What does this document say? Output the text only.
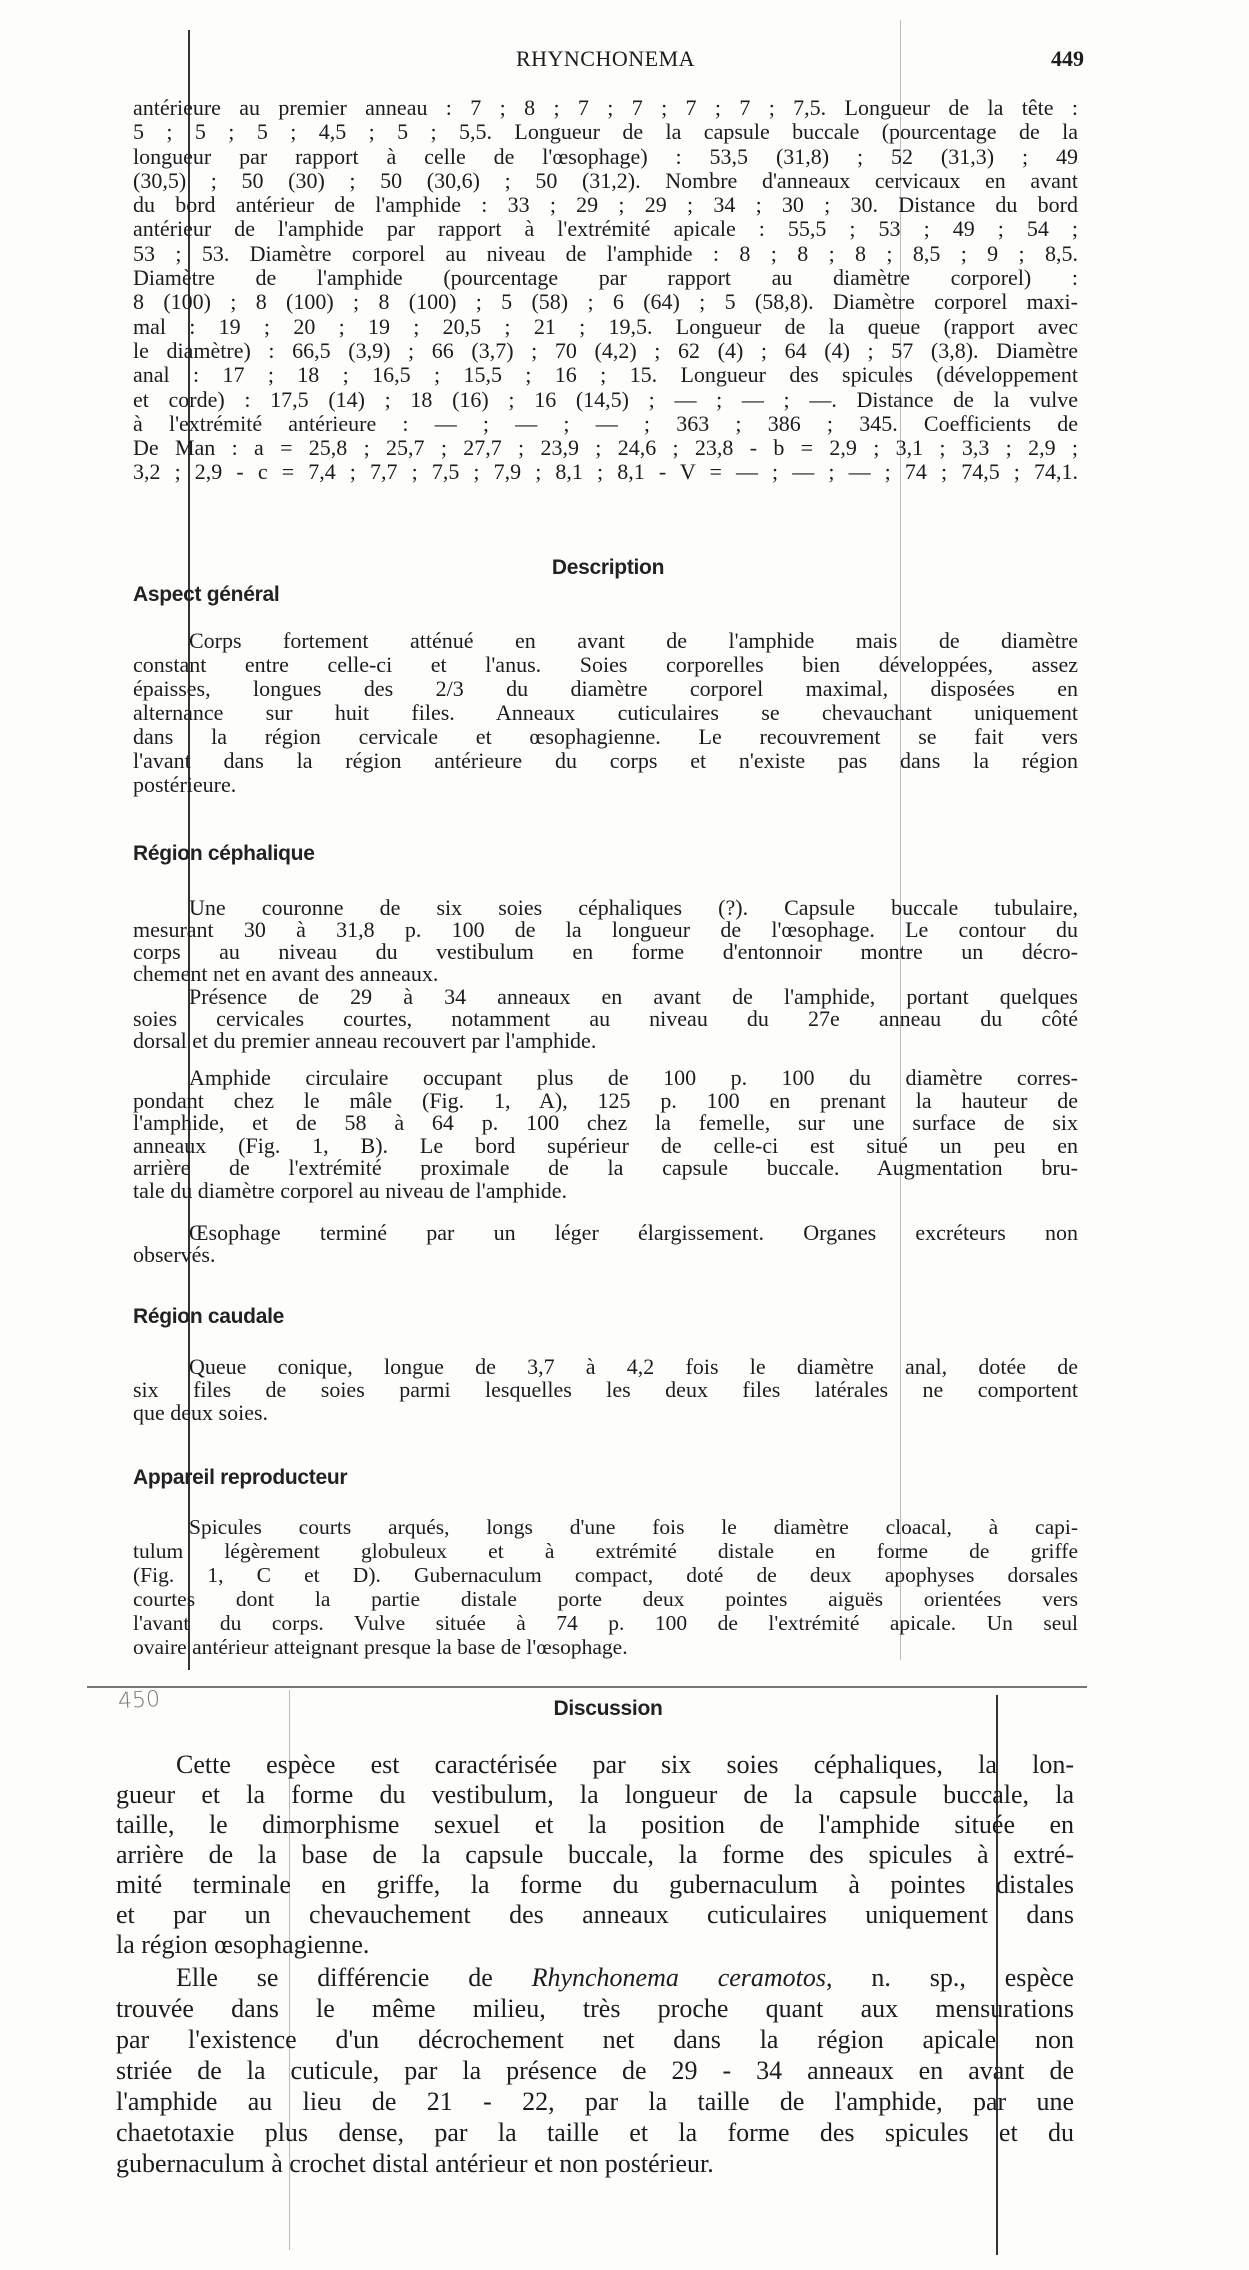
RHYNCHONEMA	449
antérieure au premier anneau : 7 ; 8 ; 7 ; 7 ; 7 ; 7 ; 7,5. Longueur de la tête :
5 ; 5 ; 5 ; 4,5 ; 5 ; 5,5. Longueur de la capsule buccale (pourcentage de la
longueur par rapport à celle de l'œsophage) : 53,5 (31,8) ; 52 (31,3) ; 49
(30,5) ; 50 (30) ; 50 (30,6) ; 50 (31,2). Nombre d'anneaux cervicaux en avant
du bord antérieur de l'amphide : 33 ; 29 ; 29 ; 34 ; 30 ; 30. Distance du bord
antérieur de l'amphide par rapport à l'extrémité apicale : 55,5 ; 53 ; 49 ; 54 ;
53 ; 53. Diamètre corporel au niveau de l'amphide : 8 ; 8 ; 8 ; 8,5 ; 9 ; 8,5.
Diamètre de l'amphide (pourcentage par rapport au diamètre corporel) :
8 (100) ; 8 (100) ; 8 (100) ; 5 (58) ; 6 (64) ; 5 (58,8). Diamètre corporel maxi-
mal : 19 ; 20 ; 19 ; 20,5 ; 21 ; 19,5. Longueur de la queue (rapport avec
le diamètre) : 66,5 (3,9) ; 66 (3,7) ; 70 (4,2) ; 62 (4) ; 64 (4) ; 57 (3,8). Diamètre
anal : 17 ; 18 ; 16,5 ; 15,5 ; 16 ; 15. Longueur des spicules (développement
et corde) : 17,5 (14) ; 18 (16) ; 16 (14,5) ; — ; — ; —. Distance de la vulve
à l'extrémité antérieure : — ; — ; — ; 363 ; 386 ; 345. Coefficients de
De Man : a = 25,8 ; 25,7 ; 27,7 ; 23,9 ; 24,6 ; 23,8 - b = 2,9 ; 3,1 ; 3,3 ; 2,9 ;
3,2 ; 2,9 - c = 7,4 ; 7,7 ; 7,5 ; 7,9 ; 8,1 ; 8,1 - V = — ; — ; — ; 74 ; 74,5 ; 74,1.
Description
Aspect général
Corps fortement atténué en avant de l'amphide mais de diamètre
constant entre celle-ci et l'anus. Soies corporelles bien développées, assez
épaisses, longues des 2/3 du diamètre corporel maximal, disposées en
alternance sur huit files. Anneaux cuticulaires se chevauchant uniquement
dans la région cervicale et œsophagienne. Le recouvrement se fait vers
l'avant dans la région antérieure du corps et n'existe pas dans la région
postérieure.
Région céphalique
Une couronne de six soies céphaliques (?). Capsule buccale tubulaire,
mesurant 30 à 31,8 p. 100 de la longueur de l'œsophage. Le contour du
corps au niveau du vestibulum en forme d'entonnoir montre un décro-
chement net en avant des anneaux.
Présence de 29 à 34 anneaux en avant de l'amphide, portant quelques
soies cervicales courtes, notamment au niveau du 27e anneau du côté
dorsal et du premier anneau recouvert par l'amphide.
Amphide circulaire occupant plus de 100 p. 100 du diamètre corres-
pondant chez le mâle (Fig. 1, A), 125 p. 100 en prenant la hauteur de
l'amphide, et de 58 à 64 p. 100 chez la femelle, sur une surface de six
anneaux (Fig. 1, B). Le bord supérieur de celle-ci est situé un peu en
arrière de l'extrémité proximale de la capsule buccale. Augmentation bru-
tale du diamètre corporel au niveau de l'amphide.
Œsophage terminé par un léger élargissement. Organes excréteurs non
observés.
Région caudale
Queue conique, longue de 3,7 à 4,2 fois le diamètre anal, dotée de
six files de soies parmi lesquelles les deux files latérales ne comportent
que deux soies.
Appareil reproducteur
Spicules courts arqués, longs d'une fois le diamètre cloacal, à capi-
tulum légèrement globuleux et à extrémité distale en forme de griffe
(Fig. 1, C et D). Gubernaculum compact, doté de deux apophyses dorsales
courtes dont la partie distale porte deux pointes aiguës orientées vers
l'avant du corps. Vulve située à 74 p. 100 de l'extrémité apicale. Un seul
ovaire antérieur atteignant presque la base de l'œsophage.
450	Discussion
Cette espèce est caractérisée par six soies céphaliques, la lon-
gueur et la forme du vestibulum, la longueur de la capsule buccale, la
taille, le dimorphisme sexuel et la position de l'amphide située en
arrière de la base de la capsule buccale, la forme des spicules à extré-
mité terminale en griffe, la forme du gubernaculum à pointes distales
et par un chevauchement des anneaux cuticulaires uniquement dans
la région œsophagienne.
Elle se différencie de Rhynchonema ceramotos, n. sp., espèce
trouvée dans le même milieu, très proche quant aux mensurations
par l'existence d'un décrochement net dans la région apicale non
striée de la cuticule, par la présence de 29 - 34 anneaux en avant de
l'amphide au lieu de 21 - 22, par la taille de l'amphide, par une
chaetotaxie plus dense, par la taille et la forme des spicules et du
gubernaculum à crochet distal antérieur et non postérieur.
